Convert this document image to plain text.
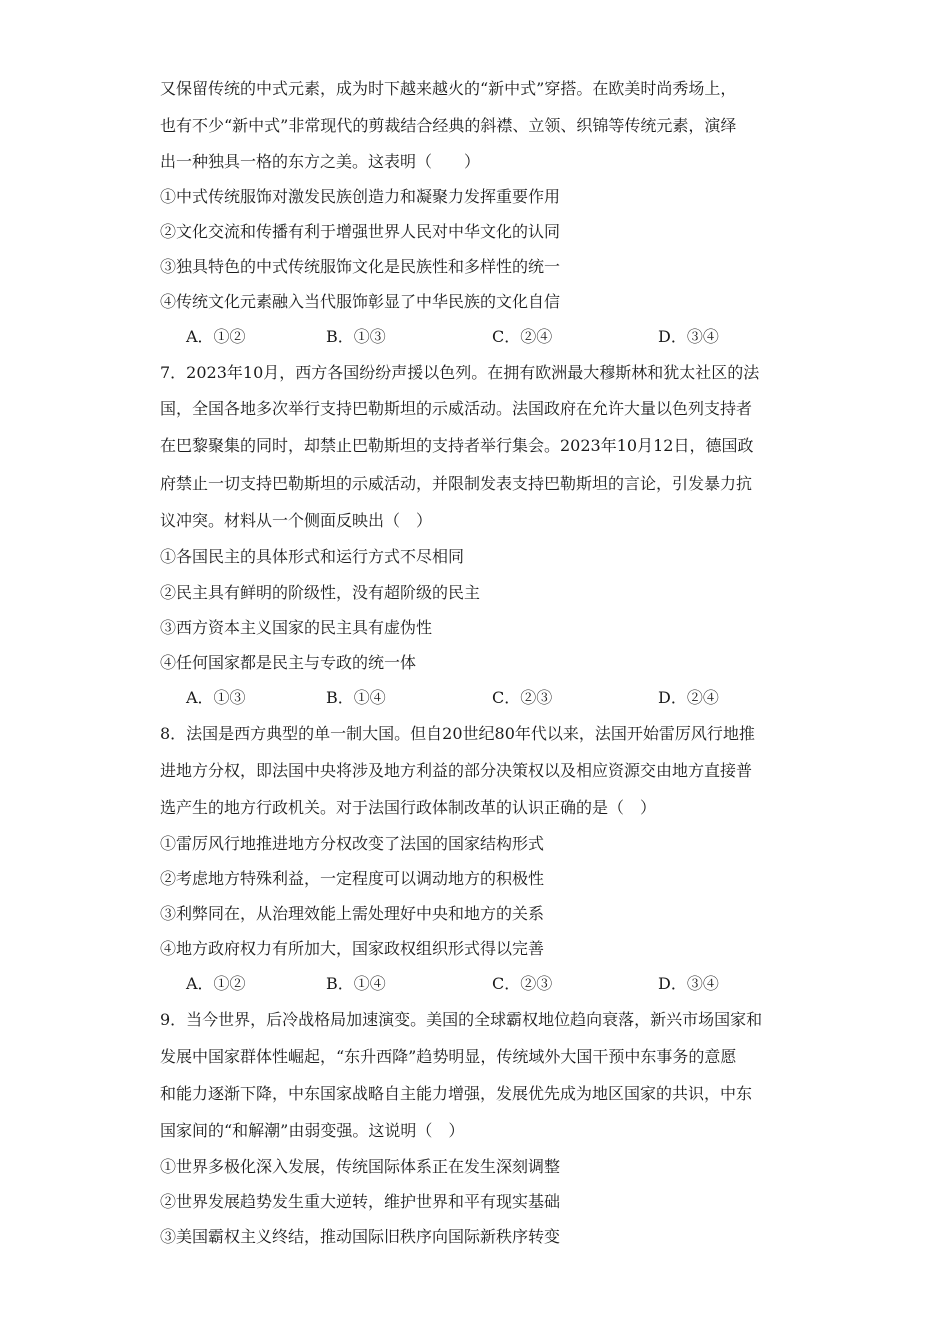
又保留传统的中式元素，成为时下越来越火的“新中式”穿搭。在欧美时尚秀场上，
也有不少“新中式”非常现代的剪裁结合经典的斜襟、立领、织锦等传统元素，演绎
出一种独具一格的东方之美。这表明（　　）
①中式传统服饰对激发民族创造力和凝聚力发挥重要作用
②文化交流和传播有利于增强世界人民对中华文化的认同
③独具特色的中式传统服饰文化是民族性和多样性的统一
④传统文化元素融入当代服饰彰显了中华民族的文化自信
A．①②	B．①③	C．②④	D．③④
7．2023年10月，西方各国纷纷声援以色列。在拥有欧洲最大穆斯林和犹太社区的法
国，全国各地多次举行支持巴勒斯坦的示威活动。法国政府在允许大量以色列支持者
在巴黎聚集的同时，却禁止巴勒斯坦的支持者举行集会。2023年10月12日，德国政
府禁止一切支持巴勒斯坦的示威活动，并限制发表支持巴勒斯坦的言论，引发暴力抗
议冲突。材料从一个侧面反映出（　）
①各国民主的具体形式和运行方式不尽相同
②民主具有鲜明的阶级性，没有超阶级的民主
③西方资本主义国家的民主具有虚伪性
④任何国家都是民主与专政的统一体
A．①③	B．①④	C．②③	D．②④
8．法国是西方典型的单一制大国。但自20世纪80年代以来，法国开始雷厉风行地推
进地方分权，即法国中央将涉及地方利益的部分决策权以及相应资源交由地方直接普
选产生的地方行政机关。对于法国行政体制改革的认识正确的是（　）
①雷厉风行地推进地方分权改变了法国的国家结构形式
②考虑地方特殊利益，一定程度可以调动地方的积极性
③利弊同在，从治理效能上需处理好中央和地方的关系
④地方政府权力有所加大，国家政权组织形式得以完善
A．①②	B．①④	C．②③	D．③④
9．当今世界，后冷战格局加速演变。美国的全球霸权地位趋向衰落，新兴市场国家和
发展中国家群体性崛起，“东升西降”趋势明显，传统域外大国干预中东事务的意愿
和能力逐渐下降，中东国家战略自主能力增强，发展优先成为地区国家的共识，中东
国家间的“和解潮”由弱变强。这说明（　）
①世界多极化深入发展，传统国际体系正在发生深刻调整
②世界发展趋势发生重大逆转，维护世界和平有现实基础
③美国霸权主义终结，推动国际旧秩序向国际新秩序转变
